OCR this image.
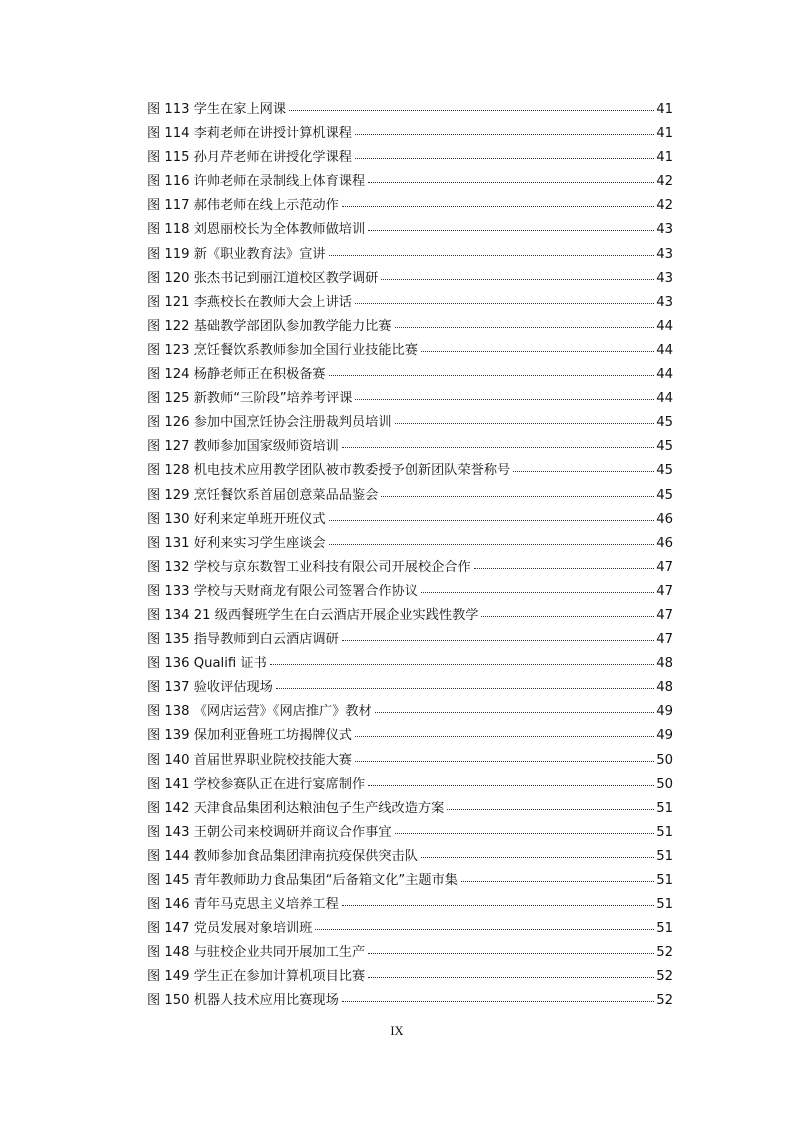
图 113 学生在家上网课	41
图 114 李莉老师在讲授计算机课程	41
图 115 孙月芹老师在讲授化学课程	41
图 116 许帅老师在录制线上体育课程	42
图 117 郝伟老师在线上示范动作	42
图 118 刘恩丽校长为全体教师做培训	43
图 119 新《职业教育法》宣讲	43
图 120 张杰书记到丽江道校区教学调研	43
图 121 李燕校长在教师大会上讲话	43
图 122 基础教学部团队参加教学能力比赛	44
图 123 烹饪餐饮系教师参加全国行业技能比赛	44
图 124 杨静老师正在积极备赛	44
图 125 新教师“三阶段”培养考评课	44
图 126 参加中国烹饪协会注册裁判员培训	45
图 127 教师参加国家级师资培训	45
图 128 机电技术应用教学团队被市教委授予创新团队荣誉称号	45
图 129 烹饪餐饮系首届创意菜品品鉴会	45
图 130 好利来定单班开班仪式	46
图 131 好利来实习学生座谈会	46
图 132 学校与京东数智工业科技有限公司开展校企合作	47
图 133 学校与天财商龙有限公司签署合作协议	47
图 134 21 级西餐班学生在白云酒店开展企业实践性教学	47
图 135 指导教师到白云酒店调研	47
图 136 Qualifi 证书	48
图 137 验收评估现场	48
图 138 《网店运营》《网店推广》教材	49
图 139 保加利亚鲁班工坊揭牌仪式	49
图 140 首届世界职业院校技能大赛	50
图 141 学校参赛队正在进行宴席制作	50
图 142 天津食品集团利达粮油包子生产线改造方案	51
图 143 王朝公司来校调研并商议合作事宜	51
图 144 教师参加食品集团津南抗疫保供突击队	51
图 145 青年教师助力食品集团“后备箱文化”主题市集	51
图 146 青年马克思主义培养工程	51
图 147 党员发展对象培训班	51
图 148 与驻校企业共同开展加工生产	52
图 149 学生正在参加计算机项目比赛	52
图 150 机器人技术应用比赛现场	52
IX
